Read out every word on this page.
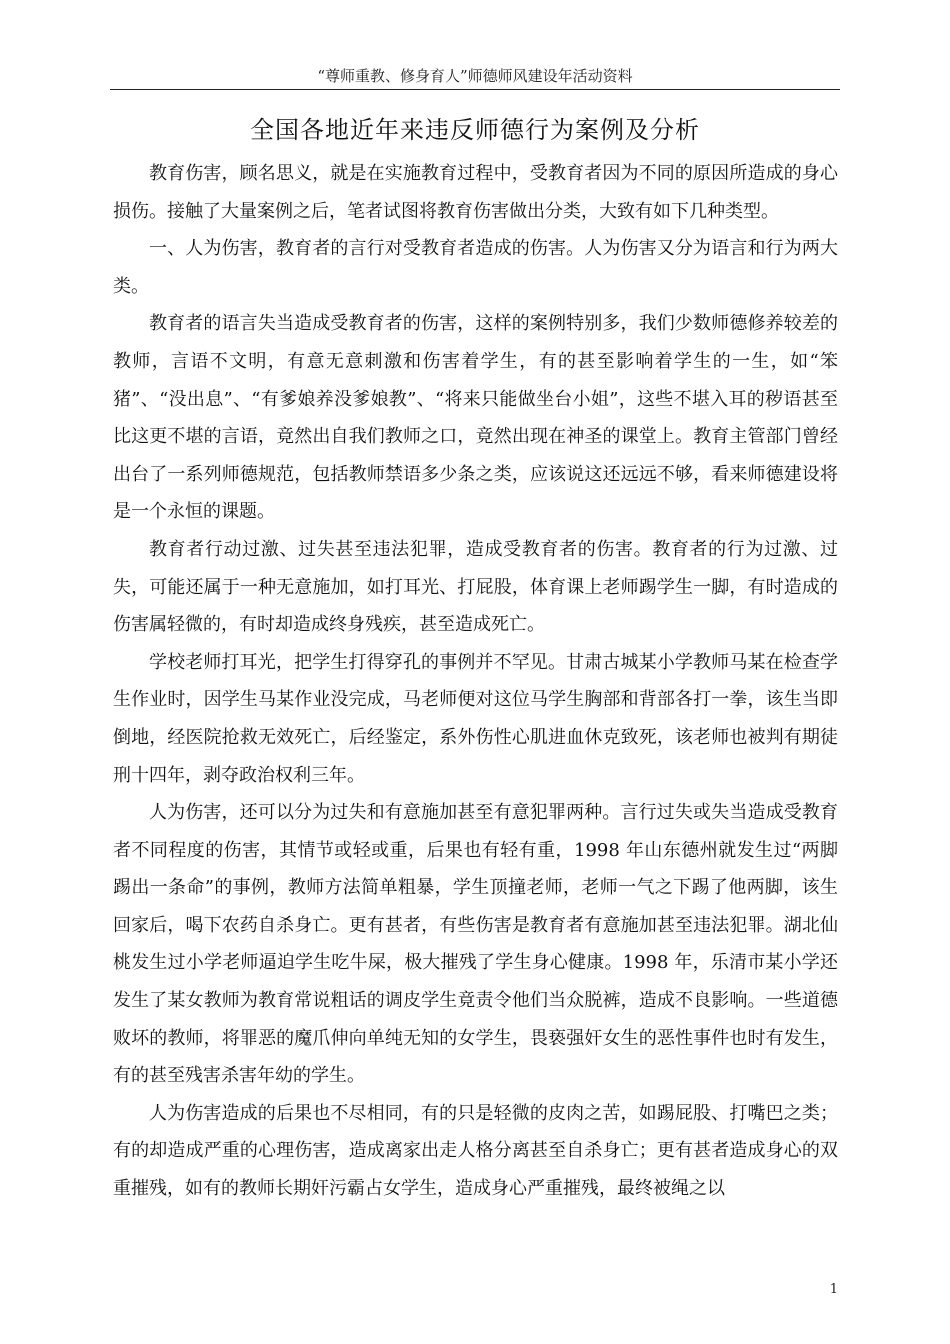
“尊师重教、修身育人”师德师风建设年活动资料
全国各地近年来违反师德行为案例及分析

教育伤害，顾名思义，就是在实施教育过程中，受教育者因为不同的原因所造成的身心损伤。接触了大量案例之后，笔者试图将教育伤害做出分类，大致有如下几种类型。

一、人为伤害，教育者的言行对受教育者造成的伤害。人为伤害又分为语言和行为两大类。

教育者的语言失当造成受教育者的伤害，这样的案例特别多，我们少数师德修养较差的教师，言语不文明，有意无意刺激和伤害着学生，有的甚至影响着学生的一生，如“笨猪”、“没出息”、“有爹娘养没爹娘教”、“将来只能做坐台小姐”，这些不堪入耳的秽语甚至比这更不堪的言语，竟然出自我们教师之口，竟然出现在神圣的课堂上。教育主管部门曾经出台了一系列师德规范，包括教师禁语多少条之类，应该说这还远远不够，看来师德建设将是一个永恒的课题。

教育者行动过激、过失甚至违法犯罪，造成受教育者的伤害。教育者的行为过激、过失，可能还属于一种无意施加，如打耳光、打屁股，体育课上老师踢学生一脚，有时造成的伤害属轻微的，有时却造成终身残疾，甚至造成死亡。

学校老师打耳光，把学生打得穿孔的事例并不罕见。甘肃古城某小学教师马某在检查学生作业时，因学生马某作业没完成，马老师便对这位马学生胸部和背部各打一拳，该生当即倒地，经医院抢救无效死亡，后经鉴定，系外伤性心肌进血休克致死，该老师也被判有期徒刑十四年，剥夺政治权利三年。

人为伤害，还可以分为过失和有意施加甚至有意犯罪两种。言行过失或失当造成受教育者不同程度的伤害，其情节或轻或重，后果也有轻有重，1998 年山东德州就发生过“两脚踢出一条命”的事例，教师方法简单粗暴，学生顶撞老师，老师一气之下踢了他两脚，该生回家后，喝下农药自杀身亡。更有甚者，有些伤害是教育者有意施加甚至违法犯罪。湖北仙桃发生过小学老师逼迫学生吃牛屎，极大摧残了学生身心健康。1998 年，乐清市某小学还发生了某女教师为教育常说粗话的调皮学生竟责令他们当众脱裤，造成不良影响。一些道德败坏的教师，将罪恶的魔爪伸向单纯无知的女学生，畏亵强奸女生的恶性事件也时有发生，有的甚至残害杀害年幼的学生。

人为伤害造成的后果也不尽相同，有的只是轻微的皮肉之苦，如踢屁股、打嘴巴之类；有的却造成严重的心理伤害，造成离家出走人格分离甚至自杀身亡；更有甚者造成身心的双重摧残，如有的教师长期奸污霸占女学生，造成身心严重摧残，最终被绳之以

1
